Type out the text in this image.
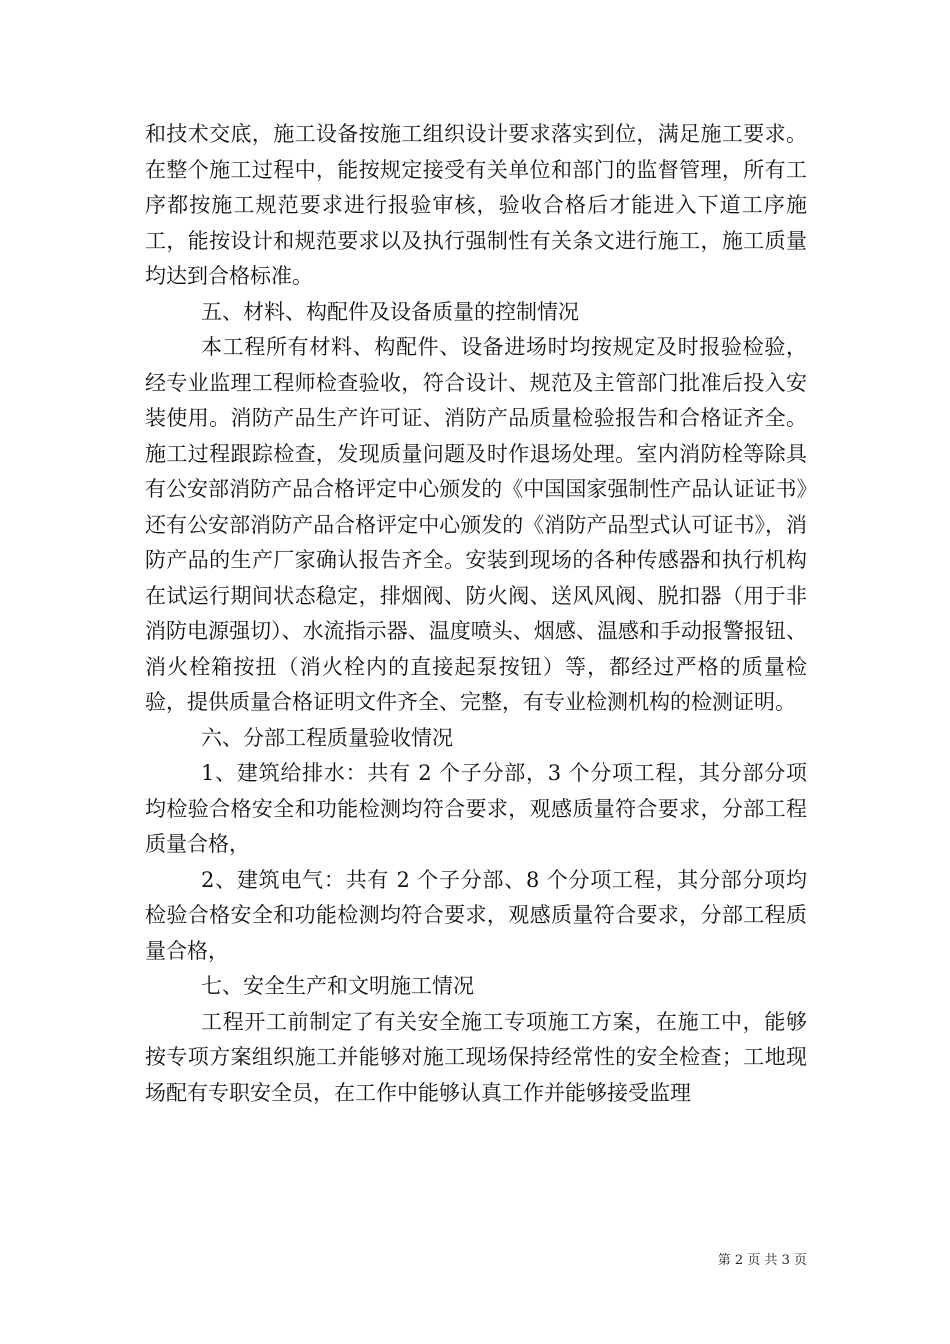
和技术交底，施工设备按施工组织设计要求落实到位，满足施工要求。在整个施工过程中，能按规定接受有关单位和部门的监督管理，所有工序都按施工规范要求进行报验审核，验收合格后才能进入下道工序施工，能按设计和规范要求以及执行强制性有关条文进行施工，施工质量均达到合格标准。

五、材料、构配件及设备质量的控制情况

本工程所有材料、构配件、设备进场时均按规定及时报验检验，经专业监理工程师检查验收，符合设计、规范及主管部门批准后投入安装使用。消防产品生产许可证、消防产品质量检验报告和合格证齐全。施工过程跟踪检查，发现质量问题及时作退场处理。室内消防栓等除具有公安部消防产品合格评定中心颁发的《中国国家强制性产品认证证书》还有公安部消防产品合格评定中心颁发的《消防产品型式认可证书》，消防产品的生产厂家确认报告齐全。安装到现场的各种传感器和执行机构在试运行期间状态稳定，排烟阀、防火阀、送风风阀、脱扣器（用于非消防电源强切）、水流指示器、温度喷头、烟感、温感和手动报警报钮、消火栓箱按扭（消火栓内的直接起泵按钮）等，都经过严格的质量检验，提供质量合格证明文件齐全、完整，有专业检测机构的检测证明。

六、分部工程质量验收情况

1、建筑给排水：共有 2 个子分部，3 个分项工程，其分部分项均检验合格安全和功能检测均符合要求，观感质量符合要求，分部工程质量合格，

2、建筑电气：共有 2 个子分部、8 个分项工程，其分部分项均检验合格安全和功能检测均符合要求，观感质量符合要求，分部工程质量合格，

七、安全生产和文明施工情况

工程开工前制定了有关安全施工专项施工方案，在施工中，能够按专项方案组织施工并能够对施工现场保持经常性的安全检查；工地现场配有专职安全员，在工作中能够认真工作并能够接受监理

第 2 页 共 3 页
